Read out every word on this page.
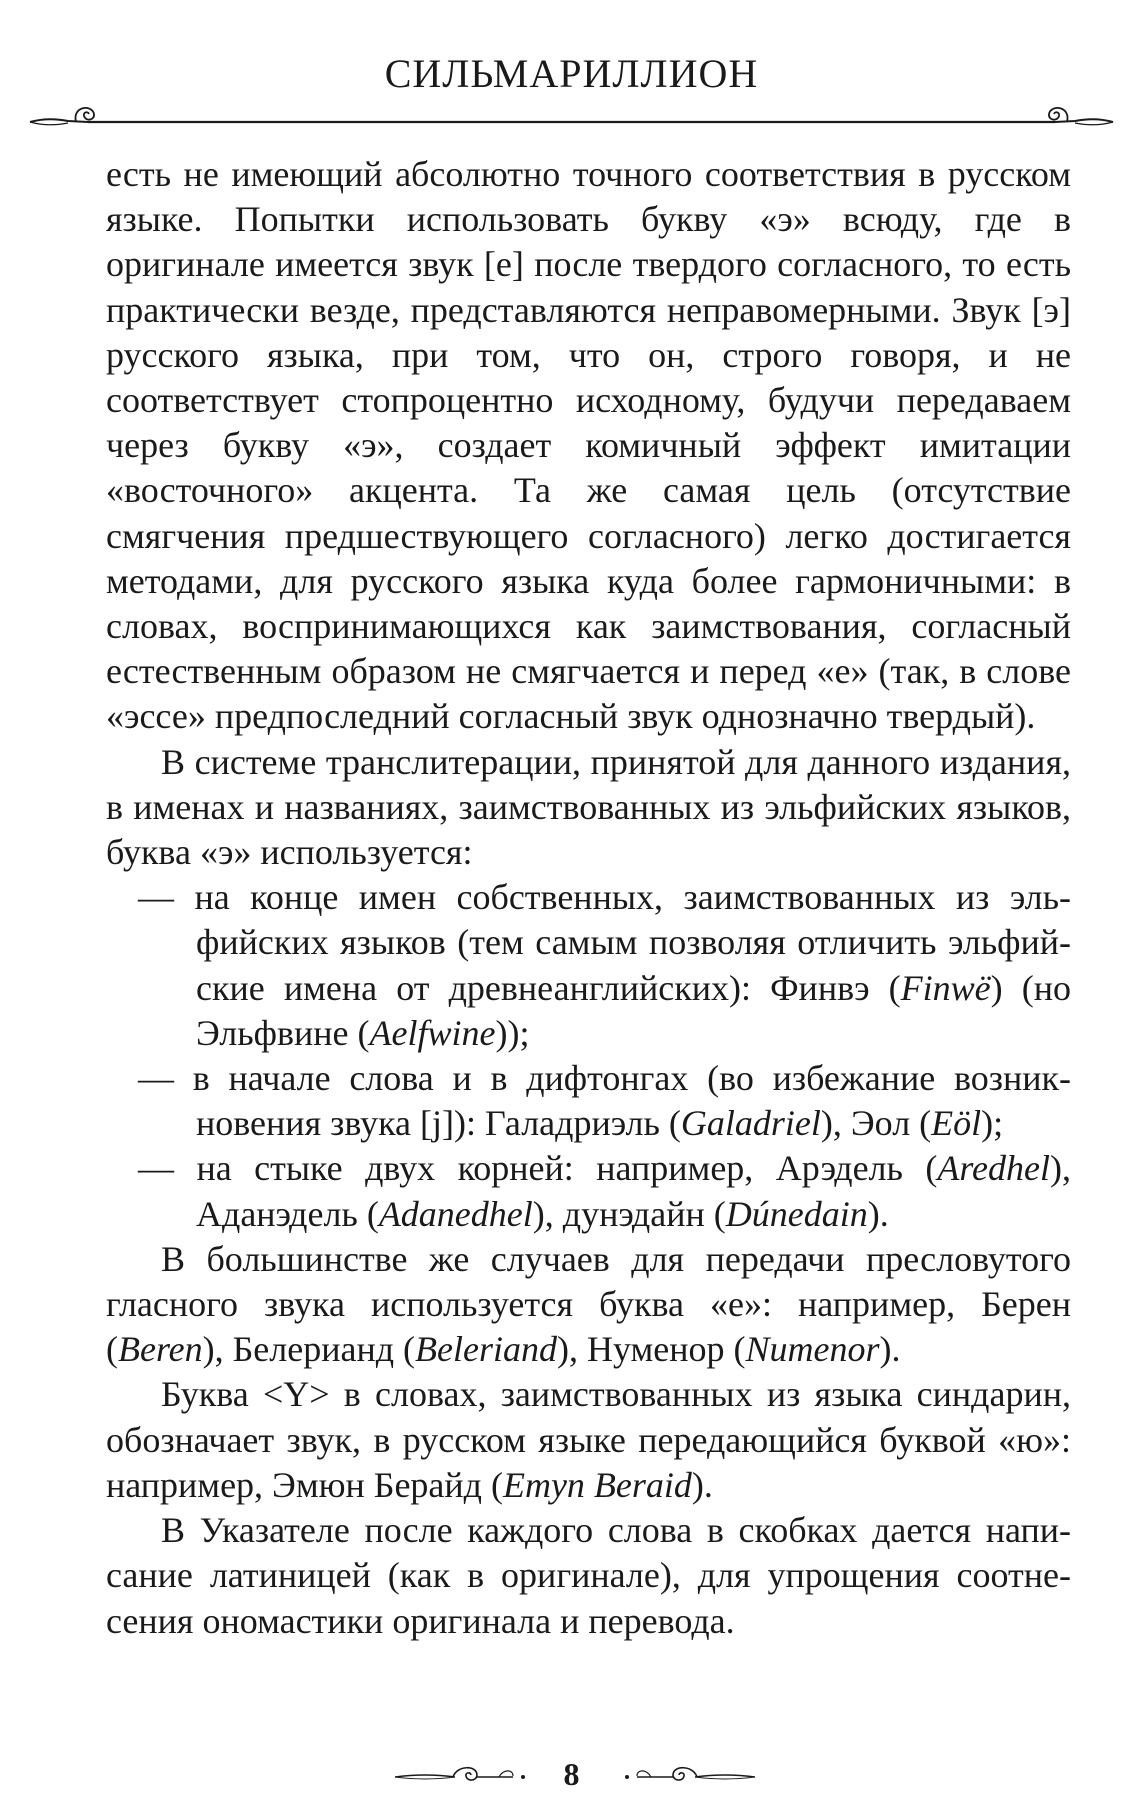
СИЛЬМАРИЛЛИОН

есть не имеющий абсолютно точного соответствия в русском языке. Попытки использовать букву «э» всюду, где в оригинале имеется звук [e] после твердого согласного, то есть практически везде, представляются неправомерными. Звук [э] русского языка, при том, что он, строго говоря, и не соответствует стопроцентно исходному, будучи передаваем через букву «э», создает комичный эффект имитации «восточного» акцента. Та же самая цель (отсутствие смягчения предшествующего согласного) легко достигается методами, для русского языка куда более гармоничными: в словах, воспринимающихся как заимствования, согласный естественным образом не смягчается и перед «е» (так, в слове «эссе» предпоследний согласный звук однозначно твердый).

В системе транслитерации, принятой для данного издания, в именах и названиях, заимствованных из эльфийских языков, буква «э» используется:

— на конце имен собственных, заимствованных из эльфийских языков (тем самым позволяя отличить эльфийские имена от древнеанглийских): Финвэ (Finwë) (но Эльфвине (Aelfwine));

— в начале слова и в дифтонгах (во избежание возникновения звука [j]): Галадриэль (Galadriel), Эол (Eöl);

— на стыке двух корней: например, Арэдель (Aredhel), Аданэдель (Adanedhel), дунэдайн (Dúnedain).

В большинстве же случаев для передачи пресловутого гласного звука используется буква «е»: например, Берен (Beren), Белерианд (Beleriand), Нуменор (Numenor).

Буква <Y> в словах, заимствованных из языка синдарин, обозначает звук, в русском языке передающийся буквой «ю»: например, Эмюн Берайд (Emyn Beraid).

В Указателе после каждого слова в скобках дается написание латиницей (как в оригинале), для упрощения соотнесения ономастики оригинала и перевода.

8
